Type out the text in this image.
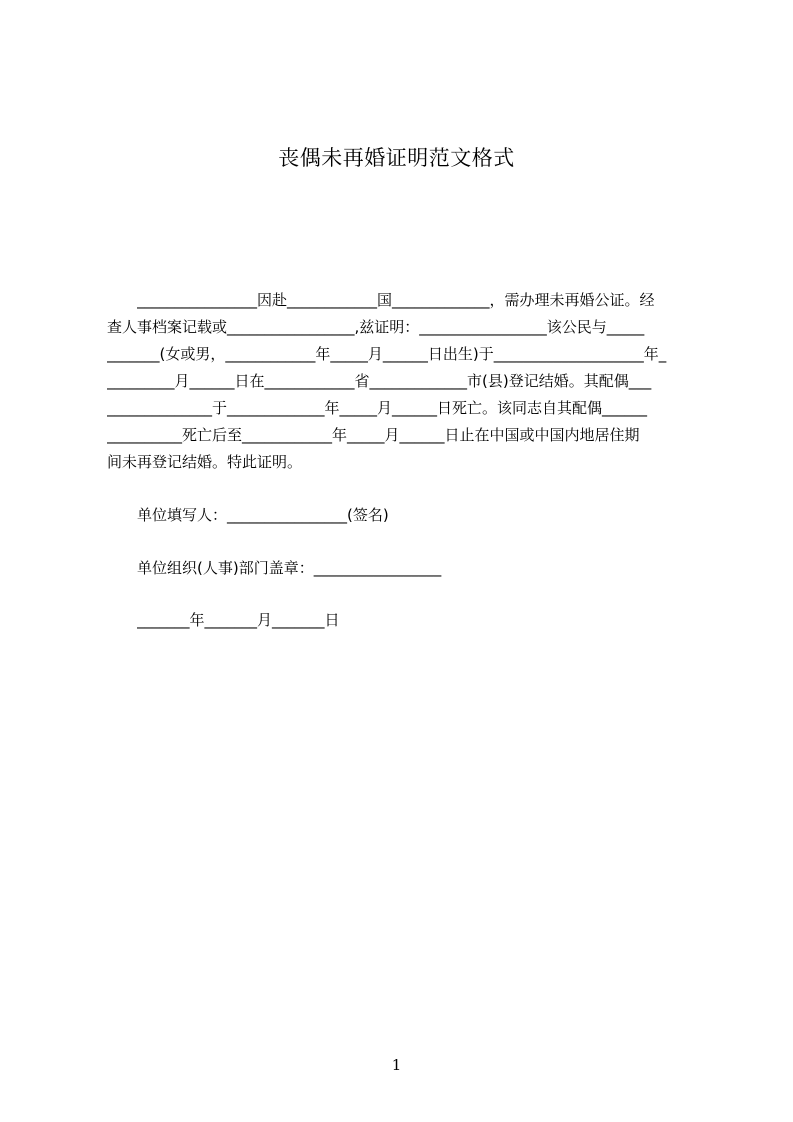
丧偶未再婚证明范文格式
________________因赴____________国_____________，需办理未再婚公证。经
查人事档案记载或_________________,兹证明：_________________该公民与_____
_______(女或男，____________年_____月______日出生)于____________________年_
_________月______日在____________省_____________市(县)登记结婚。其配偶___
______________于_____________年_____月______日死亡。该同志自其配偶______
__________死亡后至____________年_____月______日止在中国或中国内地居住期
间未再登记结婚。特此证明。
单位填写人：________________(签名)
单位组织(人事)部门盖章：_________________
_______年_______月_______日
1
